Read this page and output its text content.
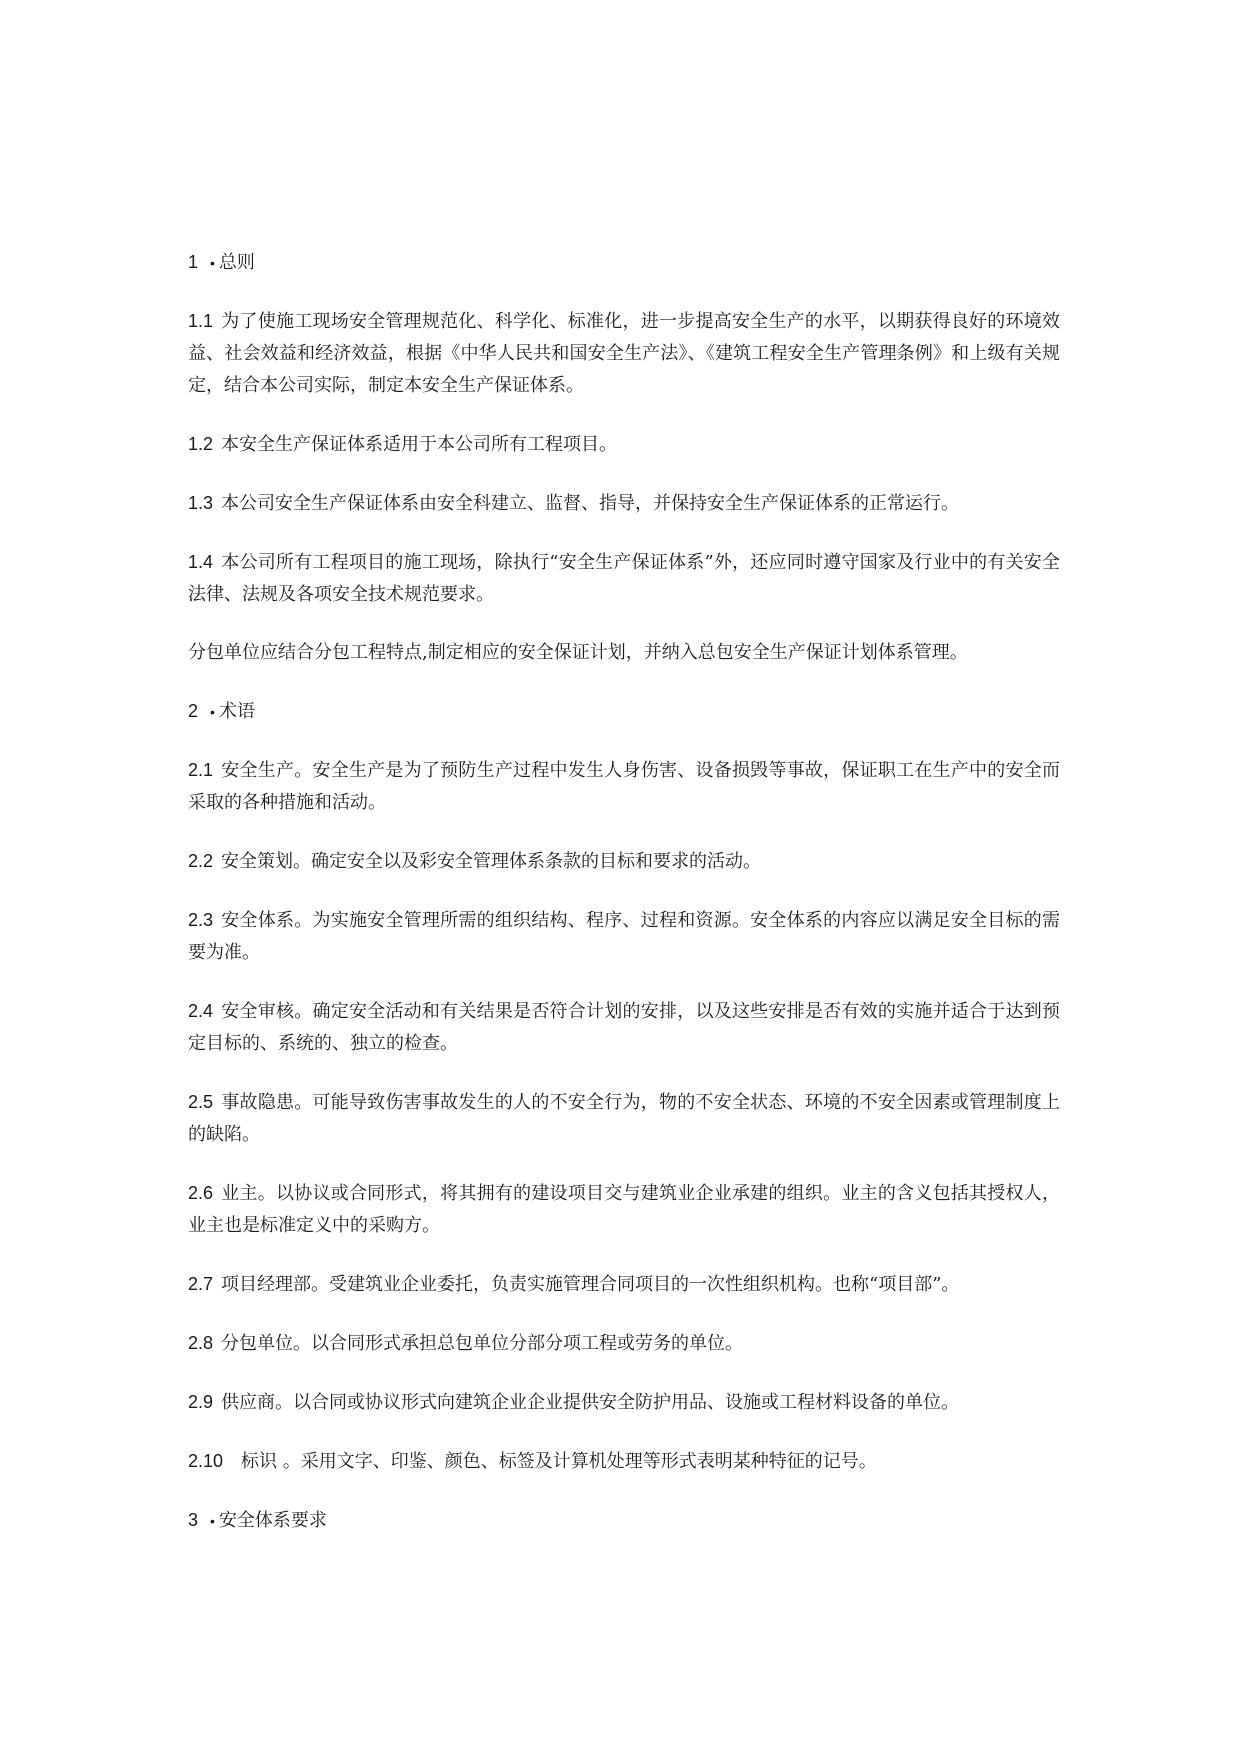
1 • 总则

1.1 为了使施工现场安全管理规范化、科学化、标准化，进一步提高安全生产的水平，以期获得良好的环境效益、社会效益和经济效益，根据《中华人民共和国安全生产法》、《建筑工程安全生产管理条例》和上级有关规定，结合本公司实际，制定本安全生产保证体系。

1.2 本安全生产保证体系适用于本公司所有工程项目。

1.3 本公司安全生产保证体系由安全科建立、监督、指导，并保持安全生产保证体系的正常运行。

1.4 本公司所有工程项目的施工现场，除执行“安全生产保证体系”外，还应同时遵守国家及行业中的有关安全法律、法规及各项安全技术规范要求。

分包单位应结合分包工程特点,制定相应的安全保证计划，并纳入总包安全生产保证计划体系管理。

2 • 术语

2.1 安全生产。安全生产是为了预防生产过程中发生人身伤害、设备损毁等事故，保证职工在生产中的安全而采取的各种措施和活动。

2.2 安全策划。确定安全以及彩安全管理体系条款的目标和要求的活动。

2.3 安全体系。为实施安全管理所需的组织结构、程序、过程和资源。安全体系的内容应以满足安全目标的需要为准。

2.4 安全审核。确定安全活动和有关结果是否符合计划的安排，以及这些安排是否有效的实施并适合于达到预定目标的、系统的、独立的检查。

2.5 事故隐患。可能导致伤害事故发生的人的不安全行为，物的不安全状态、环境的不安全因素或管理制度上的缺陷。

2.6 业主。以协议或合同形式，将其拥有的建设项目交与建筑业企业承建的组织。业主的含义包括其授权人，业主也是标准定义中的采购方。

2.7 项目经理部。受建筑业企业委托，负责实施管理合同项目的一次性组织机构。也称“项目部”。

2.8 分包单位。以合同形式承担总包单位分部分项工程或劳务的单位。

2.9 供应商。以合同或协议形式向建筑企业企业提供安全防护用品、设施或工程材料设备的单位。

2.10 标识 。采用文字、印鉴、颜色、标签及计算机处理等形式表明某种特征的记号。

3 • 安全体系要求
